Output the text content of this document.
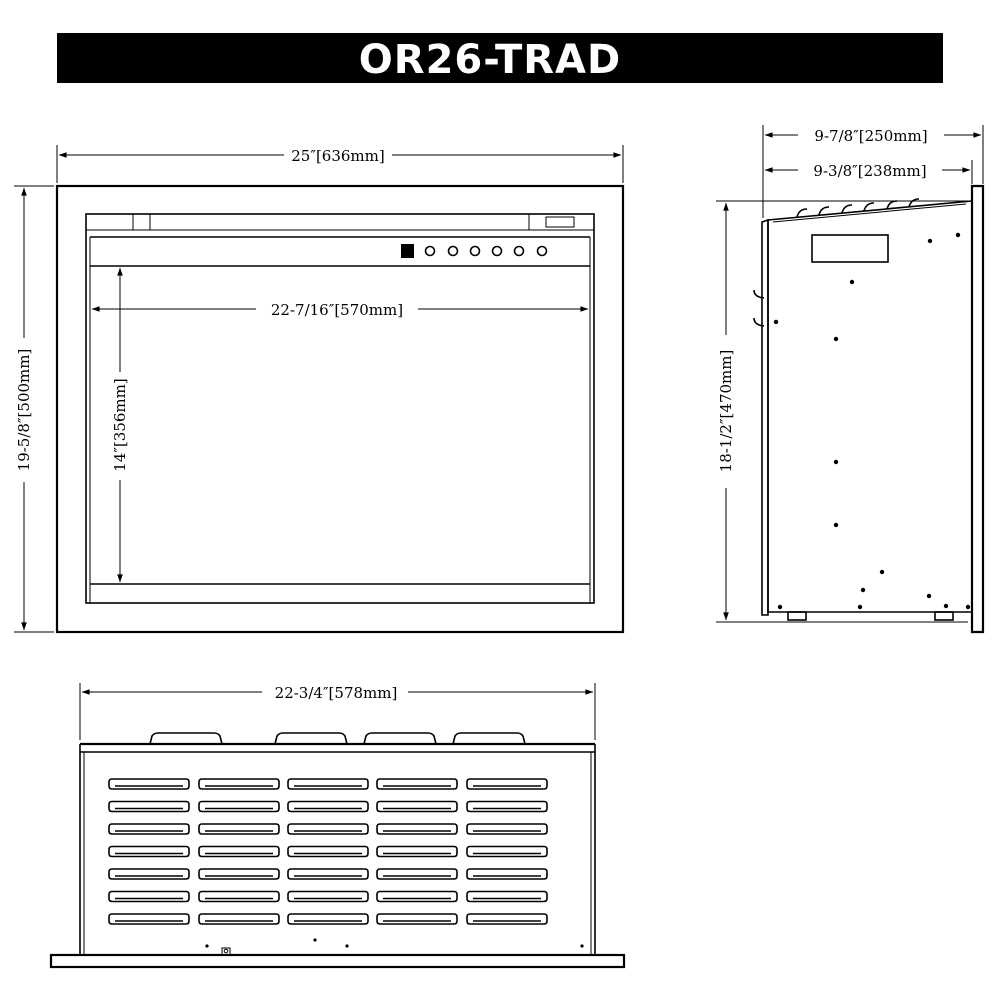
OR26-TRAD
25″[636mm]
19-5/8″[500mm]
22-7/16″[570mm]
14″[356mm]
9-7/8″[250mm]
9-3/8″[238mm]
18-1/2″[470mm]
22-3/4″[578mm]
